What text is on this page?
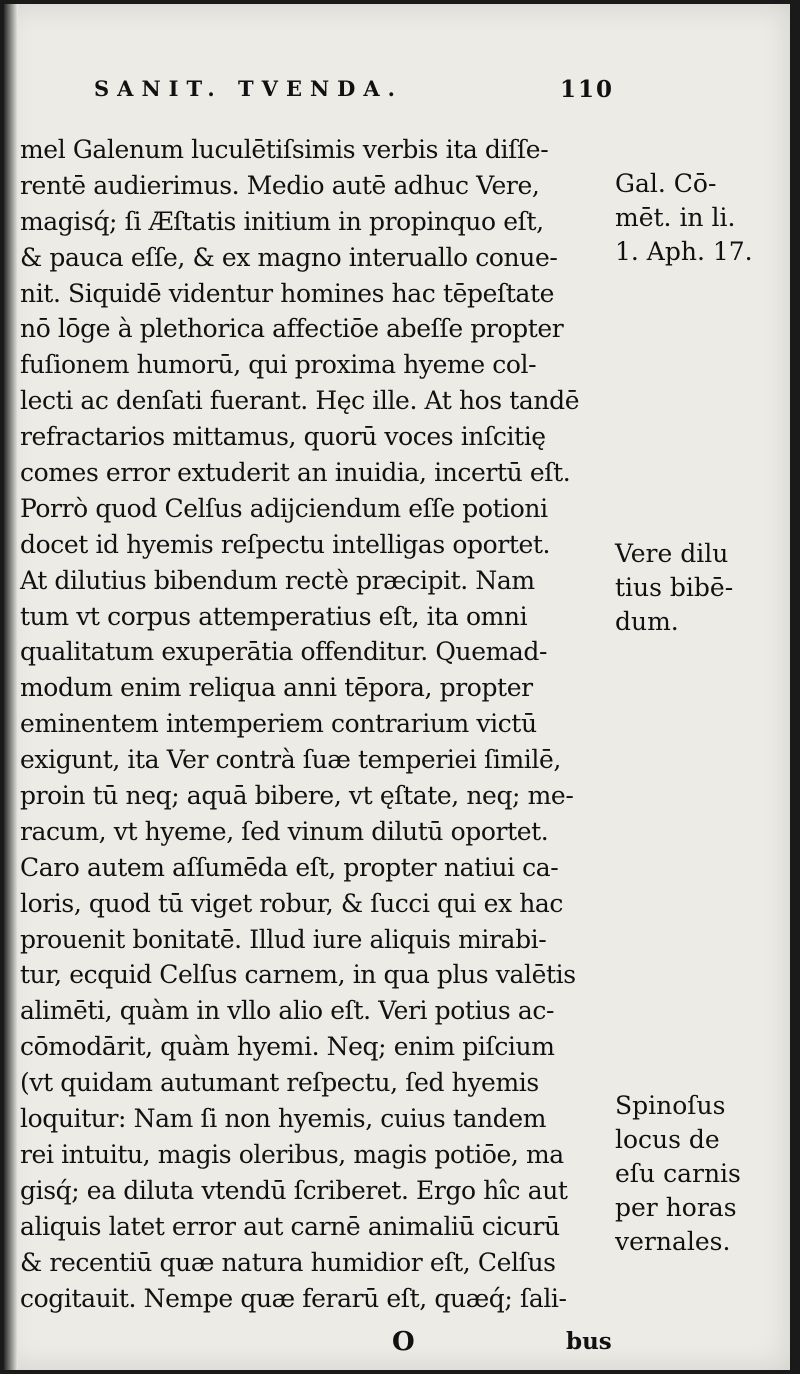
SANIT. TVENDA.	110
mel Galenum luculētiſsimis verbis ita diſſe-
rentē audierimus. Medio autē adhuc Vere,
magisq́; ſi Æſtatis initium in propinquo eſt,
& pauca eſſe, & ex magno interuallo conue-
nit. Siquidē videntur homines hac tēpeſtate
nō lōge à plethorica affectiōe abeſſe propter
fuſionem humorū, qui proxima hyeme col-
lecti ac denſati fuerant. Hęc ille. At hos tandē
refractarios mittamus, quorū voces inſcitię
comes error extuderit an inuidia, incertū eſt.
Porrò quod Celſus adijciendum eſſe potioni
docet id hyemis reſpectu intelligas oportet.
At dilutius bibendum rectè præcipit. Nam
tum vt corpus attemperatius eſt, ita omni
qualitatum exuperātia offenditur. Quemad-
modum enim reliqua anni tēpora, propter
eminentem intemperiem contrarium victū
exigunt, ita Ver contrà ſuæ temperiei ſimilē,
proin tū neq; aquā bibere, vt ęſtate, neq; me-
racum, vt hyeme, ſed vinum dilutū oportet.
Caro autem aſſumēda eſt, propter natiui ca-
loris, quod tū viget robur, & ſucci qui ex hac
prouenit bonitatē. Illud iure aliquis mirabi-
tur, ecquid Celſus carnem, in qua plus valētis
alimēti, quàm in vllo alio eſt. Veri potius ac-
cōmodārit, quàm hyemi. Neq; enim piſcium
(vt quidam autumant reſpectu, ſed hyemis
loquitur: Nam ſi non hyemis, cuius tandem
rei intuitu, magis oleribus, magis potiōe, ma
gisq́; ea diluta vtendū ſcriberet. Ergo hîc aut
aliquis latet error aut carnē animaliū cicurū
& recentiū quæ natura humidior eſt, Celſus
cogitauit. Nempe quæ ferarū eſt, quæq́; ſali-
Gal. Cō-
mēt. in li.
1. Aph. 17.
Vere dilu
tius bibē-
dum.
Spinoſus
locus de
eſu carnis
per horas
vernales.
O	bus
